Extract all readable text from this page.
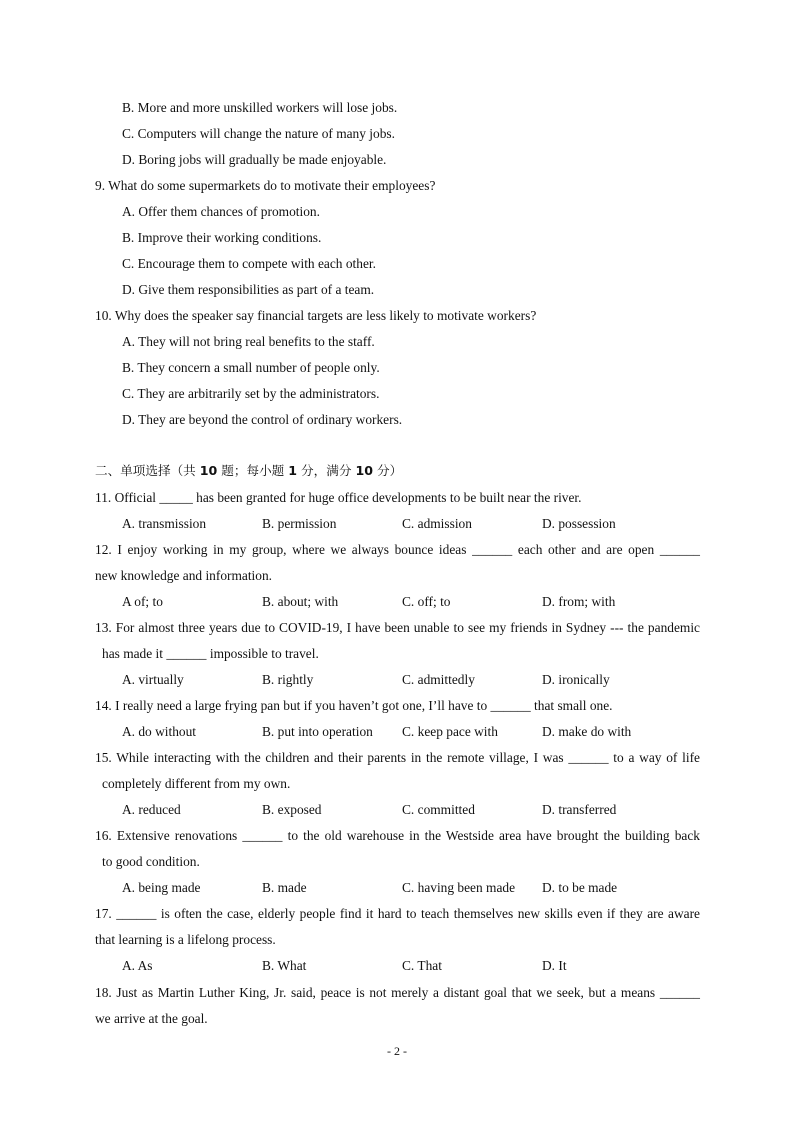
B. More and more unskilled workers will lose jobs.
C. Computers will change the nature of many jobs.
D. Boring jobs will gradually be made enjoyable.
9. What do some supermarkets do to motivate their employees?
A. Offer them chances of promotion.
B. Improve their working conditions.
C. Encourage them to compete with each other.
D. Give them responsibilities as part of a team.
10. Why does the speaker say financial targets are less likely to motivate workers?
A. They will not bring real benefits to the staff.
B. They concern a small number of people only.
C. They are arbitrarily set by the administrators.
D. They are beyond the control of ordinary workers.
二、单项选择（共 10 题；每小题 1 分，满分 10 分）
11. Official _____ has been granted for huge office developments to be built near the river.
A. transmission	B. permission	C. admission	D. possession
12. I enjoy working in my group, where we always bounce ideas ______ each other and are open ______
new knowledge and information.
A of; to	B. about; with	C. off; to	D. from; with
13. For almost three years due to COVID-19, I have been unable to see my friends in Sydney --- the pandemic
has made it ______ impossible to travel.
A. virtually	B. rightly	C. admittedly	D. ironically
14. I really need a large frying pan but if you haven’t got one, I’ll have to ______ that small one.
A. do without	B. put into operation C. keep pace with	D. make do with
15. While interacting with the children and their parents in the remote village, I was ______ to a way of life
completely different from my own.
A. reduced	B. exposed	C. committed	D. transferred
16. Extensive renovations ______ to the old warehouse in the Westside area have brought the building back
to good condition.
A. being made	B. made	C. having been made D. to be made
17. ______ is often the case, elderly people find it hard to teach themselves new skills even if they are aware
that learning is a lifelong process.
A. As	B. What	C. That	D. It
18. Just as Martin Luther King, Jr. said, peace is not merely a distant goal that we seek, but a means ______
we arrive at the goal.
- 2 -
